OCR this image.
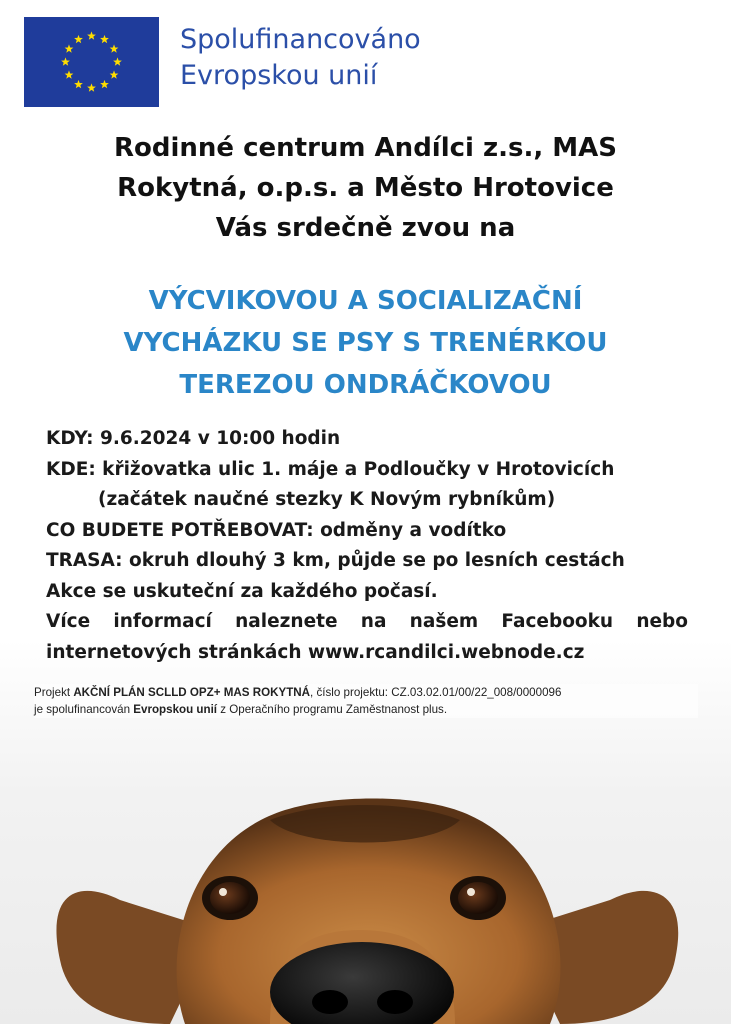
Spolufinancováno
Evropskou unií
Rodinné centrum Andílci z.s., MAS
Rokytná, o.p.s. a Město Hrotovice
Vás srdečně zvou na
VÝCVIKOVOU A SOCIALIZAČNÍ
VYCHÁZKU SE PSY S TRENÉRKOU
TEREZOU ONDRÁČKOVOU
KDY: 9.6.2024 v 10:00 hodin
KDE: křižovatka ulic 1. máje a Podloučky v Hrotovicích
(začátek naučné stezky K Novým rybníkům)
CO BUDETE POTŘEBOVAT: odměny a vodítko
TRASA: okruh dlouhý 3 km, půjde se po lesních cestách
Akce se uskuteční za každého počasí.
Více informací naleznete na našem Facebooku nebo
internetových stránkách www.rcandilci.webnode.cz
Projekt AKČNÍ PLÁN SCLLD OPZ+ MAS ROKYTNÁ, číslo projektu: CZ.03.02.01/00/22_008/0000096
je spolufinancován Evropskou unií z Operačního programu Zaměstnanost plus.
